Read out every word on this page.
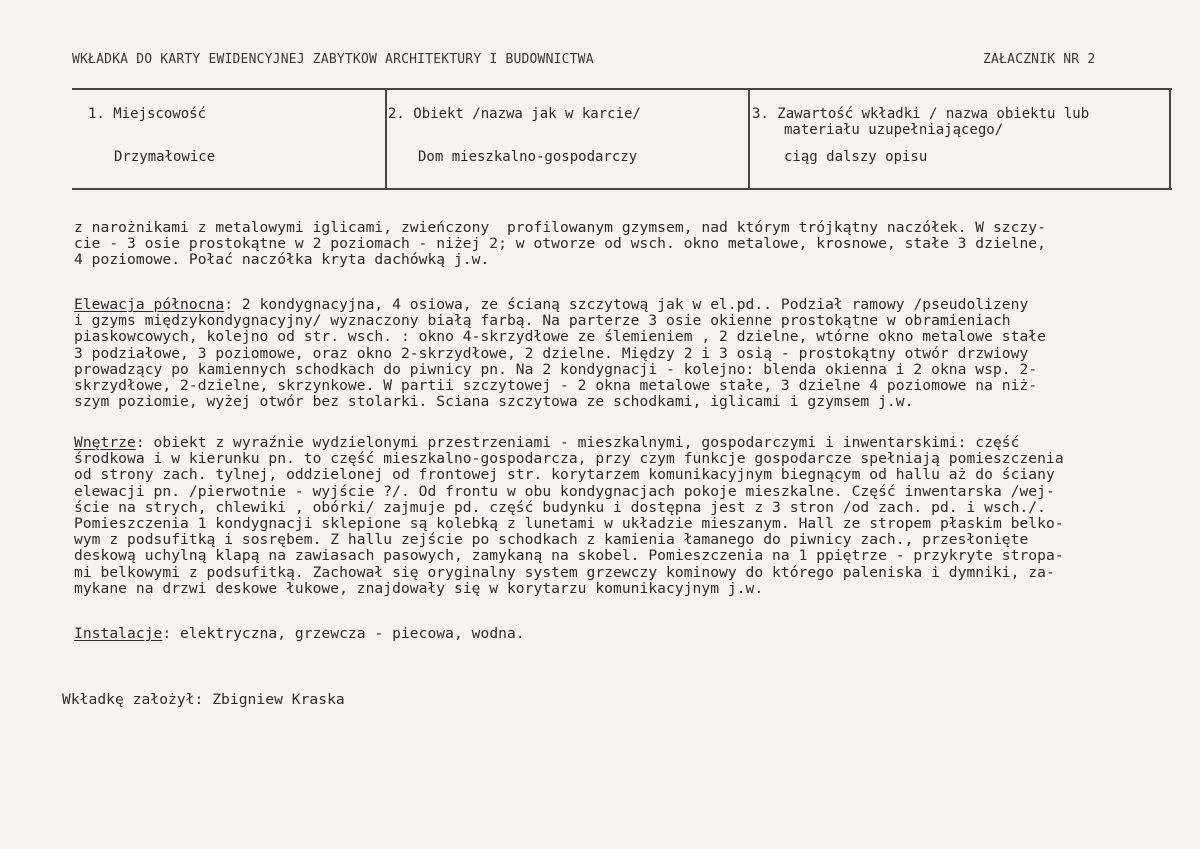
WKŁADKA DO KARTY EWIDENCYJNEJ ZABYTKOW ARCHITEKTURY I BUDOWNICTWA	ZAŁACZNIK NR 2
1. Miejscowość
Drzymałowice
2. Obiekt /nazwa jak w karcie/
Dom mieszkalno-gospodarczy
3. Zawartość wkładki / nazwa obiektu lub
materiału uzupełniającego/
ciąg dalszy opisu
z narożnikami z metalowymi iglicami, zwieńczony  profilowanym gzymsem, nad którym trójkątny naczółek. W szczy-
cie - 3 osie prostokątne w 2 poziomach - niżej 2; w otworze od wsch. okno metalowe, krosnowe, stałe 3 dzielne,
4 poziomowe. Połać naczółka kryta dachówką j.w.
Elewacja północna: 2 kondygnacyjna, 4 osiowa, ze ścianą szczytową jak w el.pd.. Podział ramowy /pseudolizeny
i gzyms międzykondygnacyjny/ wyznaczony białą farbą. Na parterze 3 osie okienne prostokątne w obramieniach
piaskowcowych, kolejno od str. wsch. : okno 4-skrzydłowe ze ślemieniem , 2 dzielne, wtórne okno metalowe stałe
3 podziałowe, 3 poziomowe, oraz okno 2-skrzydłowe, 2 dzielne. Między 2 i 3 osią - prostokątny otwór drzwiowy
prowadzący po kamiennych schodkach do piwnicy pn. Na 2 kondygnacji - kolejno: blenda okienna i 2 okna wsp. 2-
skrzydłowe, 2-dzielne, skrzynkowe. W partii szczytowej - 2 okna metalowe stałe, 3 dzielne 4 poziomowe na niż-
szym poziomie, wyżej otwór bez stolarki. Sciana szczytowa ze schodkami, iglicami i gzymsem j.w.
Wnętrze: obiekt z wyraźnie wydzielonymi przestrzeniami - mieszkalnymi, gospodarczymi i inwentarskimi: część
środkowa i w kierunku pn. to część mieszkalno-gospodarcza, przy czym funkcje gospodarcze spełniają pomieszczenia
od strony zach. tylnej, oddzielonej od frontowej str. korytarzem komunikacyjnym biegnącym od hallu aż do ściany
elewacji pn. /pierwotnie - wyjście ?/. Od frontu w obu kondygnacjach pokoje mieszkalne. Część inwentarska /wej-
ście na strych, chlewiki , obórki/ zajmuje pd. część budynku i dostępna jest z 3 stron /od zach. pd. i wsch./.
Pomieszczenia 1 kondygnacji sklepione są kolebką z lunetami w układzie mieszanym. Hall ze stropem płaskim belko-
wym z podsufitką i sosrębem. Z hallu zejście po schodkach z kamienia łamanego do piwnicy zach., przesłonięte
deskową uchylną klapą na zawiasach pasowych, zamykaną na skobel. Pomieszczenia na 1 ppiętrze - przykryte stropa-
mi belkowymi z podsufitką. Zachował się oryginalny system grzewczy kominowy do którego paleniska i dymniki, za-
mykane na drzwi deskowe łukowe, znajdowały się w korytarzu komunikacyjnym j.w.
Instalacje: elektryczna, grzewcza - piecowa, wodna.
Wkładkę założył: Zbigniew Kraska
